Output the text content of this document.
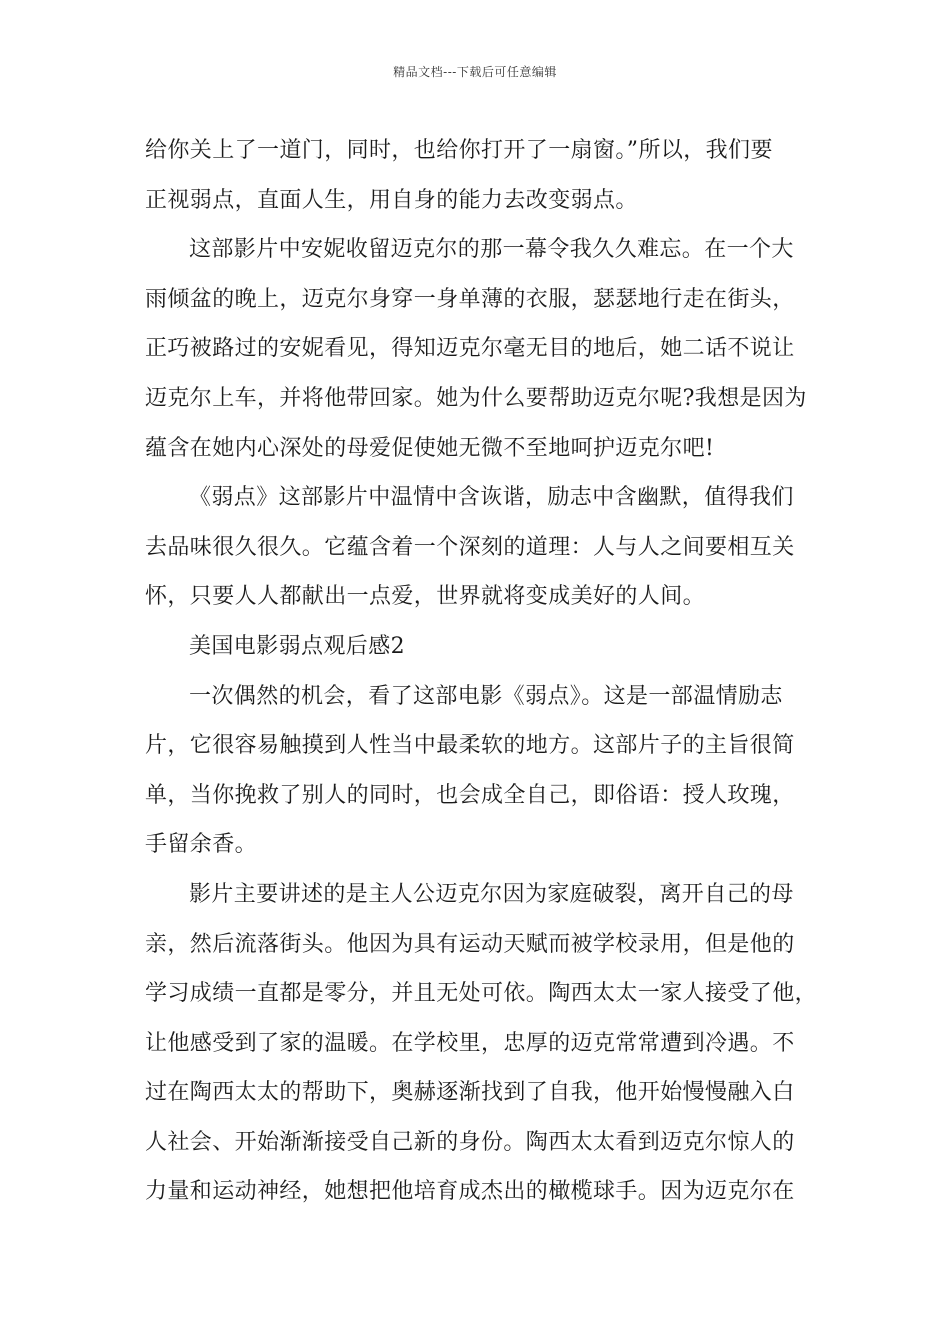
精品文档---下载后可任意编辑
给你关上了一道门，同时，也给你打开了一扇窗。”所以，我们要
正视弱点，直面人生，用自身的能力去改变弱点。
这部影片中安妮收留迈克尔的那一幕令我久久难忘。在一个大
雨倾盆的晚上，迈克尔身穿一身单薄的衣服，瑟瑟地行走在街头，
正巧被路过的安妮看见，得知迈克尔毫无目的地后，她二话不说让
迈克尔上车，并将他带回家。她为什么要帮助迈克尔呢?我想是因为
蕴含在她内心深处的母爱促使她无微不至地呵护迈克尔吧!
《弱点》这部影片中温情中含诙谐，励志中含幽默，值得我们
去品味很久很久。它蕴含着一个深刻的道理：人与人之间要相互关
怀，只要人人都献出一点爱，世界就将变成美好的人间。
美国电影弱点观后感2
一次偶然的机会，看了这部电影《弱点》。这是一部温情励志
片，它很容易触摸到人性当中最柔软的地方。这部片子的主旨很简
单，当你挽救了别人的同时，也会成全自己，即俗语：授人玫瑰，
手留余香。
影片主要讲述的是主人公迈克尔因为家庭破裂，离开自己的母
亲，然后流落街头。他因为具有运动天赋而被学校录用，但是他的
学习成绩一直都是零分，并且无处可依。陶西太太一家人接受了他，
让他感受到了家的温暖。在学校里，忠厚的迈克常常遭到冷遇。不
过在陶西太太的帮助下，奥赫逐渐找到了自我，他开始慢慢融入白
人社会、开始渐渐接受自己新的身份。陶西太太看到迈克尔惊人的
力量和运动神经，她想把他培育成杰出的橄榄球手。因为迈克尔在
